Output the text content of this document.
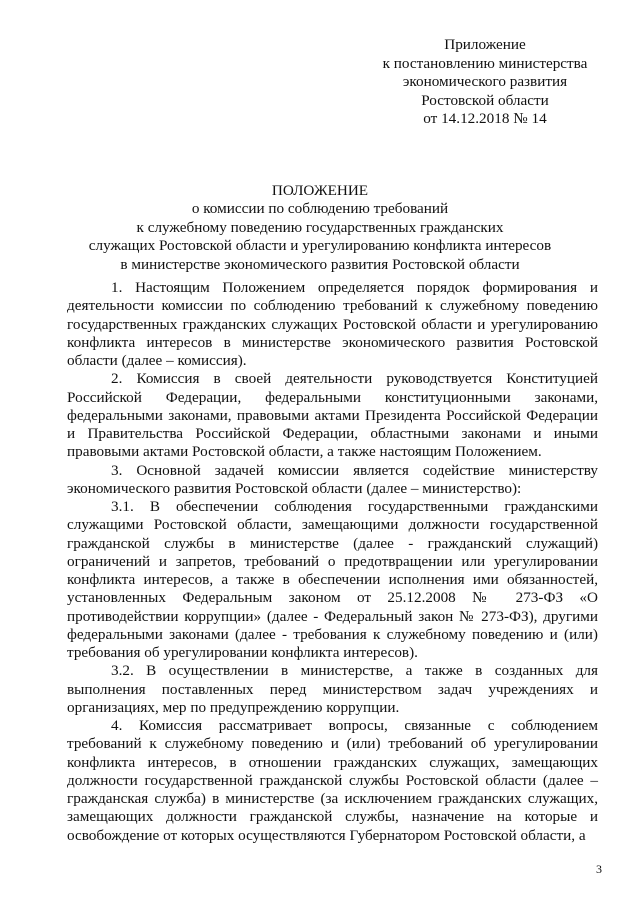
Приложение
к постановлению министерства
экономического развития
Ростовской области
от 14.12.2018 № 14
ПОЛОЖЕНИЕ
о комиссии по соблюдению требований
к служебному поведению государственных гражданских
служащих Ростовской области и урегулированию конфликта интересов
в министерстве экономического развития Ростовской области

1. Настоящим Положением определяется порядок формирования и деятельности комиссии по соблюдению требований к служебному поведению государственных гражданских служащих Ростовской области и урегулированию конфликта интересов в министерстве экономического развития Ростовской области (далее – комиссия).

2. Комиссия в своей деятельности руководствуется Конституцией Российской Федерации, федеральными конституционными законами, федеральными законами, правовыми актами Президента Российской Федерации и Правительства Российской Федерации, областными законами и иными правовыми актами Ростовской области, а также настоящим Положением.

3. Основной задачей комиссии является содействие министерству экономического развития Ростовской области (далее – министерство):

3.1. В обеспечении соблюдения государственными гражданскими служащими Ростовской области, замещающими должности государственной гражданской службы в министерстве (далее - гражданский служащий) ограничений и запретов, требований о предотвращении или урегулировании конфликта интересов, а также в обеспечении исполнения ими обязанностей, установленных Федеральным законом от 25.12.2008 № 273-ФЗ «О противодействии коррупции» (далее - Федеральный закон № 273-ФЗ), другими федеральными законами (далее - требования к служебному поведению и (или) требования об урегулировании конфликта интересов).

3.2. В осуществлении в министерстве, а также в созданных для выполнения поставленных перед министерством задач учреждениях и организациях, мер по предупреждению коррупции.

4. Комиссия рассматривает вопросы, связанные с соблюдением требований к служебному поведению и (или) требований об урегулировании конфликта интересов, в отношении гражданских служащих, замещающих должности государственной гражданской службы Ростовской области (далее – гражданская служба) в министерстве (за исключением гражданских служащих, замещающих должности гражданской службы, назначение на которые и освобождение от которых осуществляются Губернатором Ростовской области, а

3
